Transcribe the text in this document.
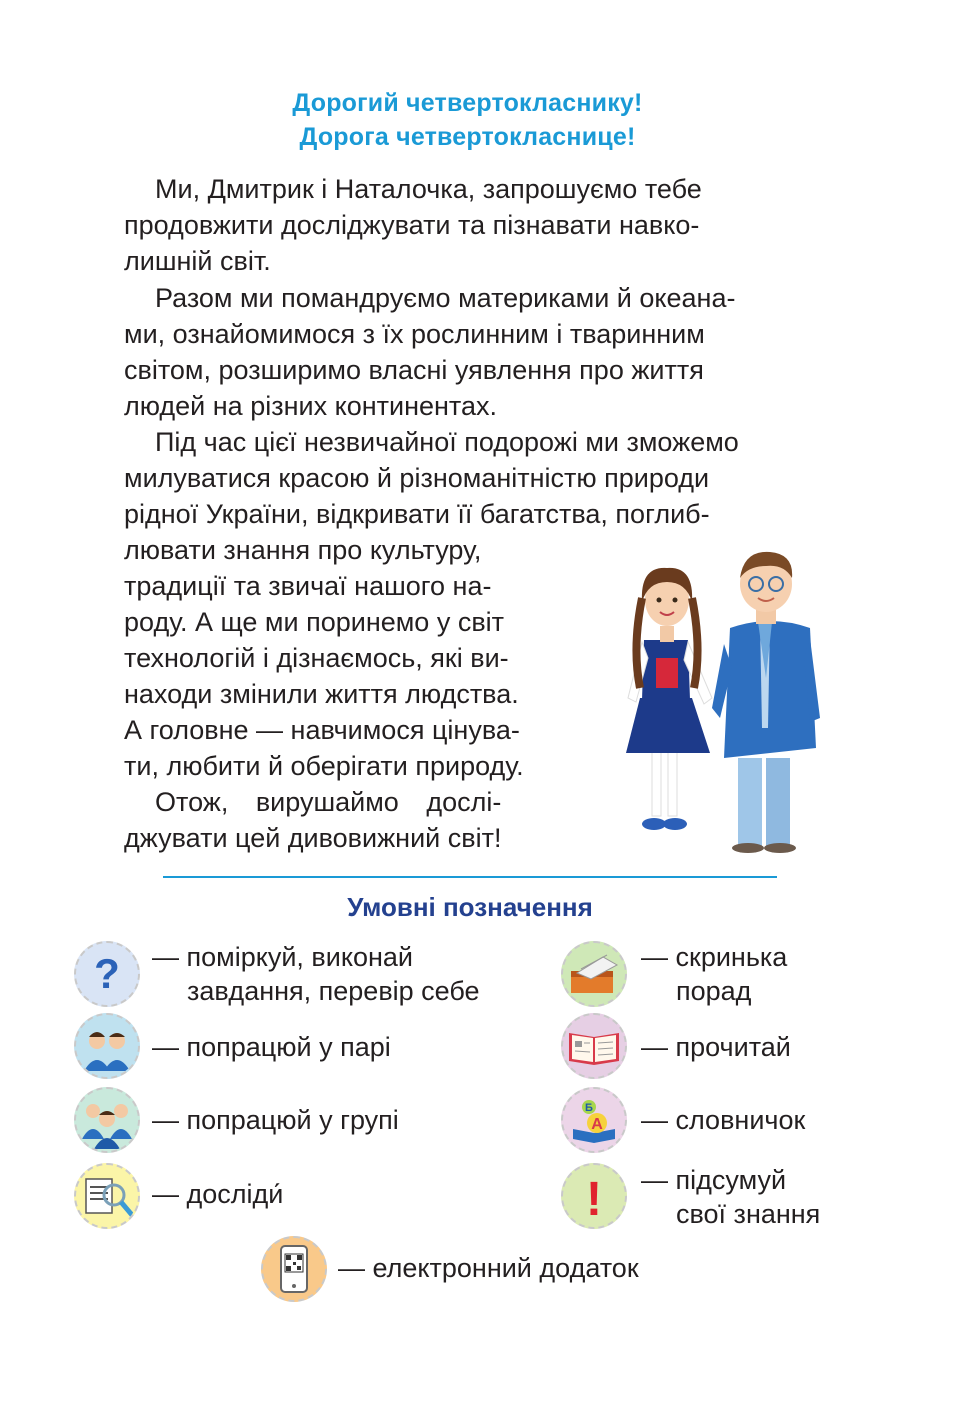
Дорогий четвертокласнику!
Дорога четвертокласнице!
Ми, Дмитрик і Наталочка, запрошуємо тебе
продовжити досліджувати та пізнавати навко-
лишній світ.
Разом ми помандруємо материками й океана-
ми, ознайомимося з їх рослинним і тваринним
світом, розширимо власні уявлення про життя
людей на різних континентах.
Під час цієї незвичайної подорожі ми зможемо
милуватися красою й різноманітністю природи
рідної України, відкривати її багатства, поглиб-
лювати знання про культуру,
традиції та звичаї нашого на-
роду. А ще ми поринемо у світ
технологій і дізнаємось, які ви-
находи змінили життя людства.
А головне — навчимося цінува-
ти, любити й оберігати природу.
Отож, вирушаймо дослі-
джувати цей дивовижний світ!
Умовні позначення
? — поміркуй, виконай
завдання, перевір себе
— попрацюй у парі
— попрацюй у групі
— досліди́
— скринька
порад
— прочитай
Б
А — словничок
! — підсумуй
свої знання
— електронний додаток
